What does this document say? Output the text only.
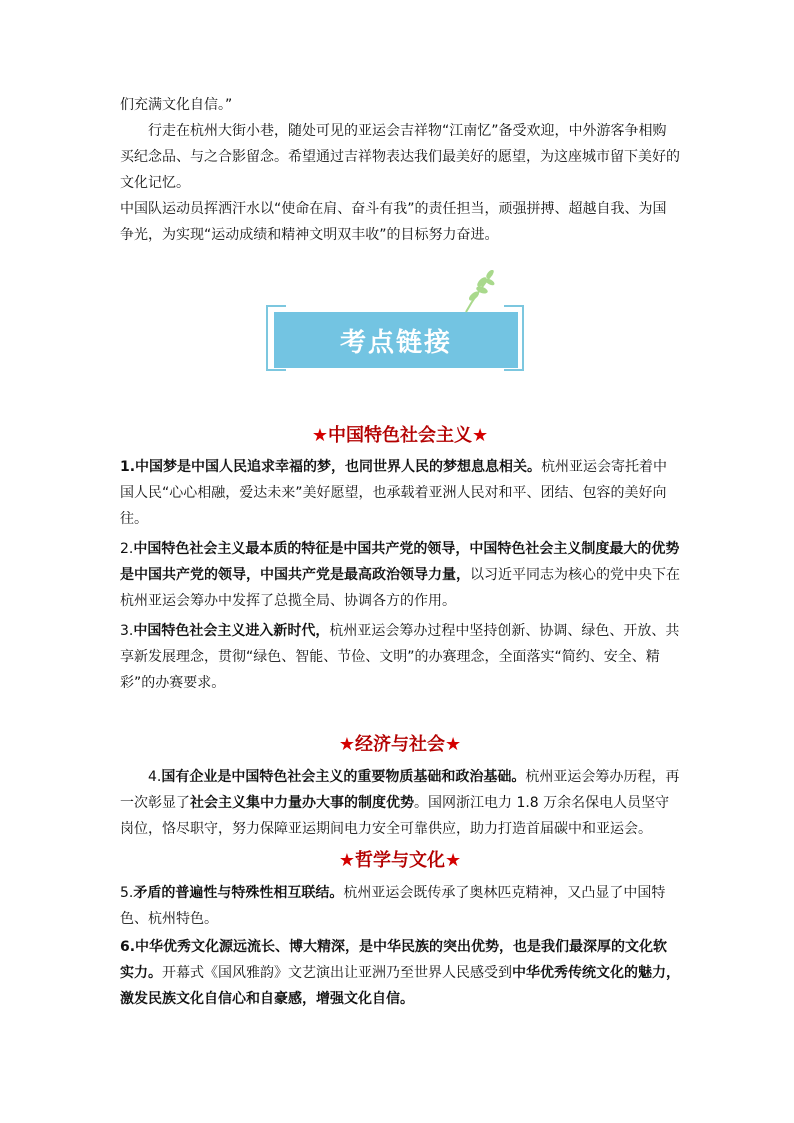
们充满文化自信。”

行走在杭州大街小巷，随处可见的亚运会吉祥物“江南忆”备受欢迎，中外游客争相购买纪念品、与之合影留念。希望通过吉祥物表达我们最美好的愿望，为这座城市留下美好的文化记忆。

中国队运动员挥洒汗水以“使命在肩、奋斗有我”的责任担当，顽强拼搏、超越自我、为国争光，为实现“运动成绩和精神文明双丰收”的目标努力奋进。

考点链接
★中国特色社会主义★

1.中国梦是中国人民追求幸福的梦，也同世界人民的梦想息息相关。杭州亚运会寄托着中国人民“心心相融，爱达未来”美好愿望，也承载着亚洲人民对和平、团结、包容的美好向往。

2.中国特色社会主义最本质的特征是中国共产党的领导，中国特色社会主义制度最大的优势是中国共产党的领导，中国共产党是最高政治领导力量，以习近平同志为核心的党中央下在杭州亚运会筹办中发挥了总揽全局、协调各方的作用。

3.中国特色社会主义进入新时代，杭州亚运会筹办过程中坚持创新、协调、绿色、开放、共享新发展理念，贯彻“绿色、智能、节俭、文明”的办赛理念，全面落实“简约、安全、精彩”的办赛要求。

★经济与社会★

4.国有企业是中国特色社会主义的重要物质基础和政治基础。杭州亚运会筹办历程，再一次彰显了社会主义集中力量办大事的制度优势。国网浙江电力 1.8 万余名保电人员坚守岗位，恪尽职守，努力保障亚运期间电力安全可靠供应，助力打造首届碳中和亚运会。

★哲学与文化★

5.矛盾的普遍性与特殊性相互联结。杭州亚运会既传承了奥林匹克精神，又凸显了中国特色、杭州特色。

6.中华优秀文化源远流长、博大精深，是中华民族的突出优势，也是我们最深厚的文化软实力。开幕式《国风雅韵》文艺演出让亚洲乃至世界人民感受到中华优秀传统文化的魅力，激发民族文化自信心和自豪感，增强文化自信。
